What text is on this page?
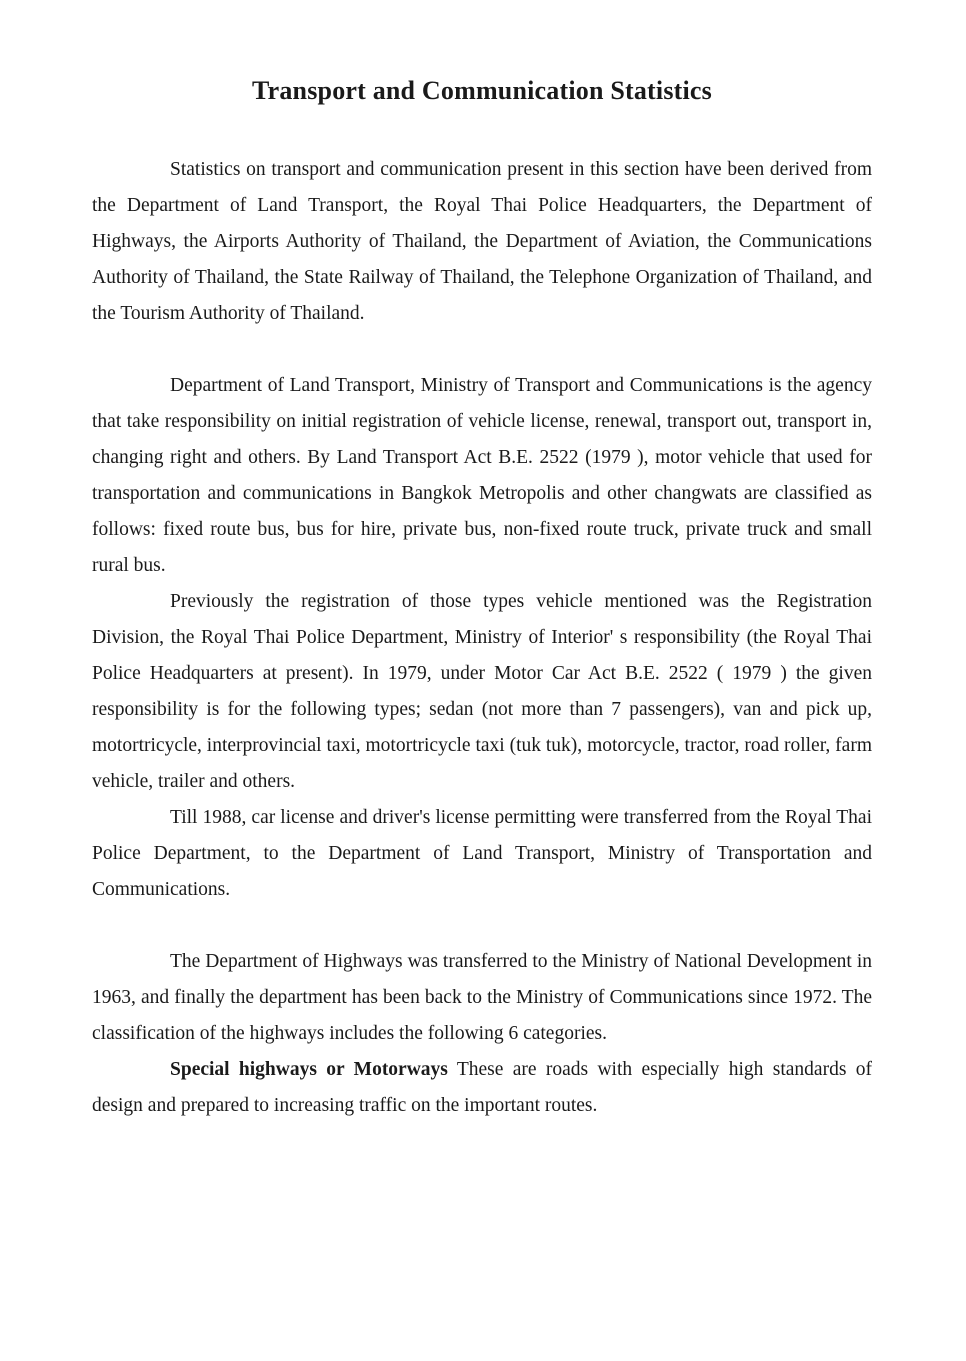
Transport and Communication Statistics

Statistics on transport and communication present in this section have been derived from the Department of Land Transport, the Royal Thai Police Headquarters, the Department of Highways, the Airports Authority of Thailand, the Department of Aviation, the Communications Authority of Thailand, the State Railway of Thailand, the Telephone Organization of Thailand, and the Tourism Authority of Thailand.

Department of Land Transport, Ministry of Transport and Communications is the agency that take responsibility on initial registration of vehicle license, renewal, transport out, transport in, changing right and others. By Land Transport Act B.E. 2522 (1979 ), motor vehicle that used for transportation and communications in Bangkok Metropolis and other changwats are classified as follows: fixed route bus, bus for hire, private bus, non-fixed route truck, private truck and small rural bus.

Previously the registration of those types vehicle mentioned was the Registration Division, the Royal Thai Police Department, Ministry of Interior' s responsibility (the Royal Thai Police Headquarters at present). In 1979, under Motor Car Act B.E. 2522 ( 1979 ) the given responsibility is for the following types; sedan (not more than 7 passengers), van and pick up, motortricycle, interprovincial taxi, motortricycle taxi (tuk tuk), motorcycle, tractor, road roller, farm vehicle, trailer and others.

Till 1988, car license and driver's license permitting were transferred from the Royal Thai Police Department, to the Department of Land Transport, Ministry of Transportation and Communications.

The Department of Highways was transferred to the Ministry of National Development in 1963, and finally the department has been back to the Ministry of Communications since 1972. The classification of the highways includes the following 6 categories.

Special highways or Motorways These are roads with especially high standards of design and prepared to increasing traffic on the important routes.
